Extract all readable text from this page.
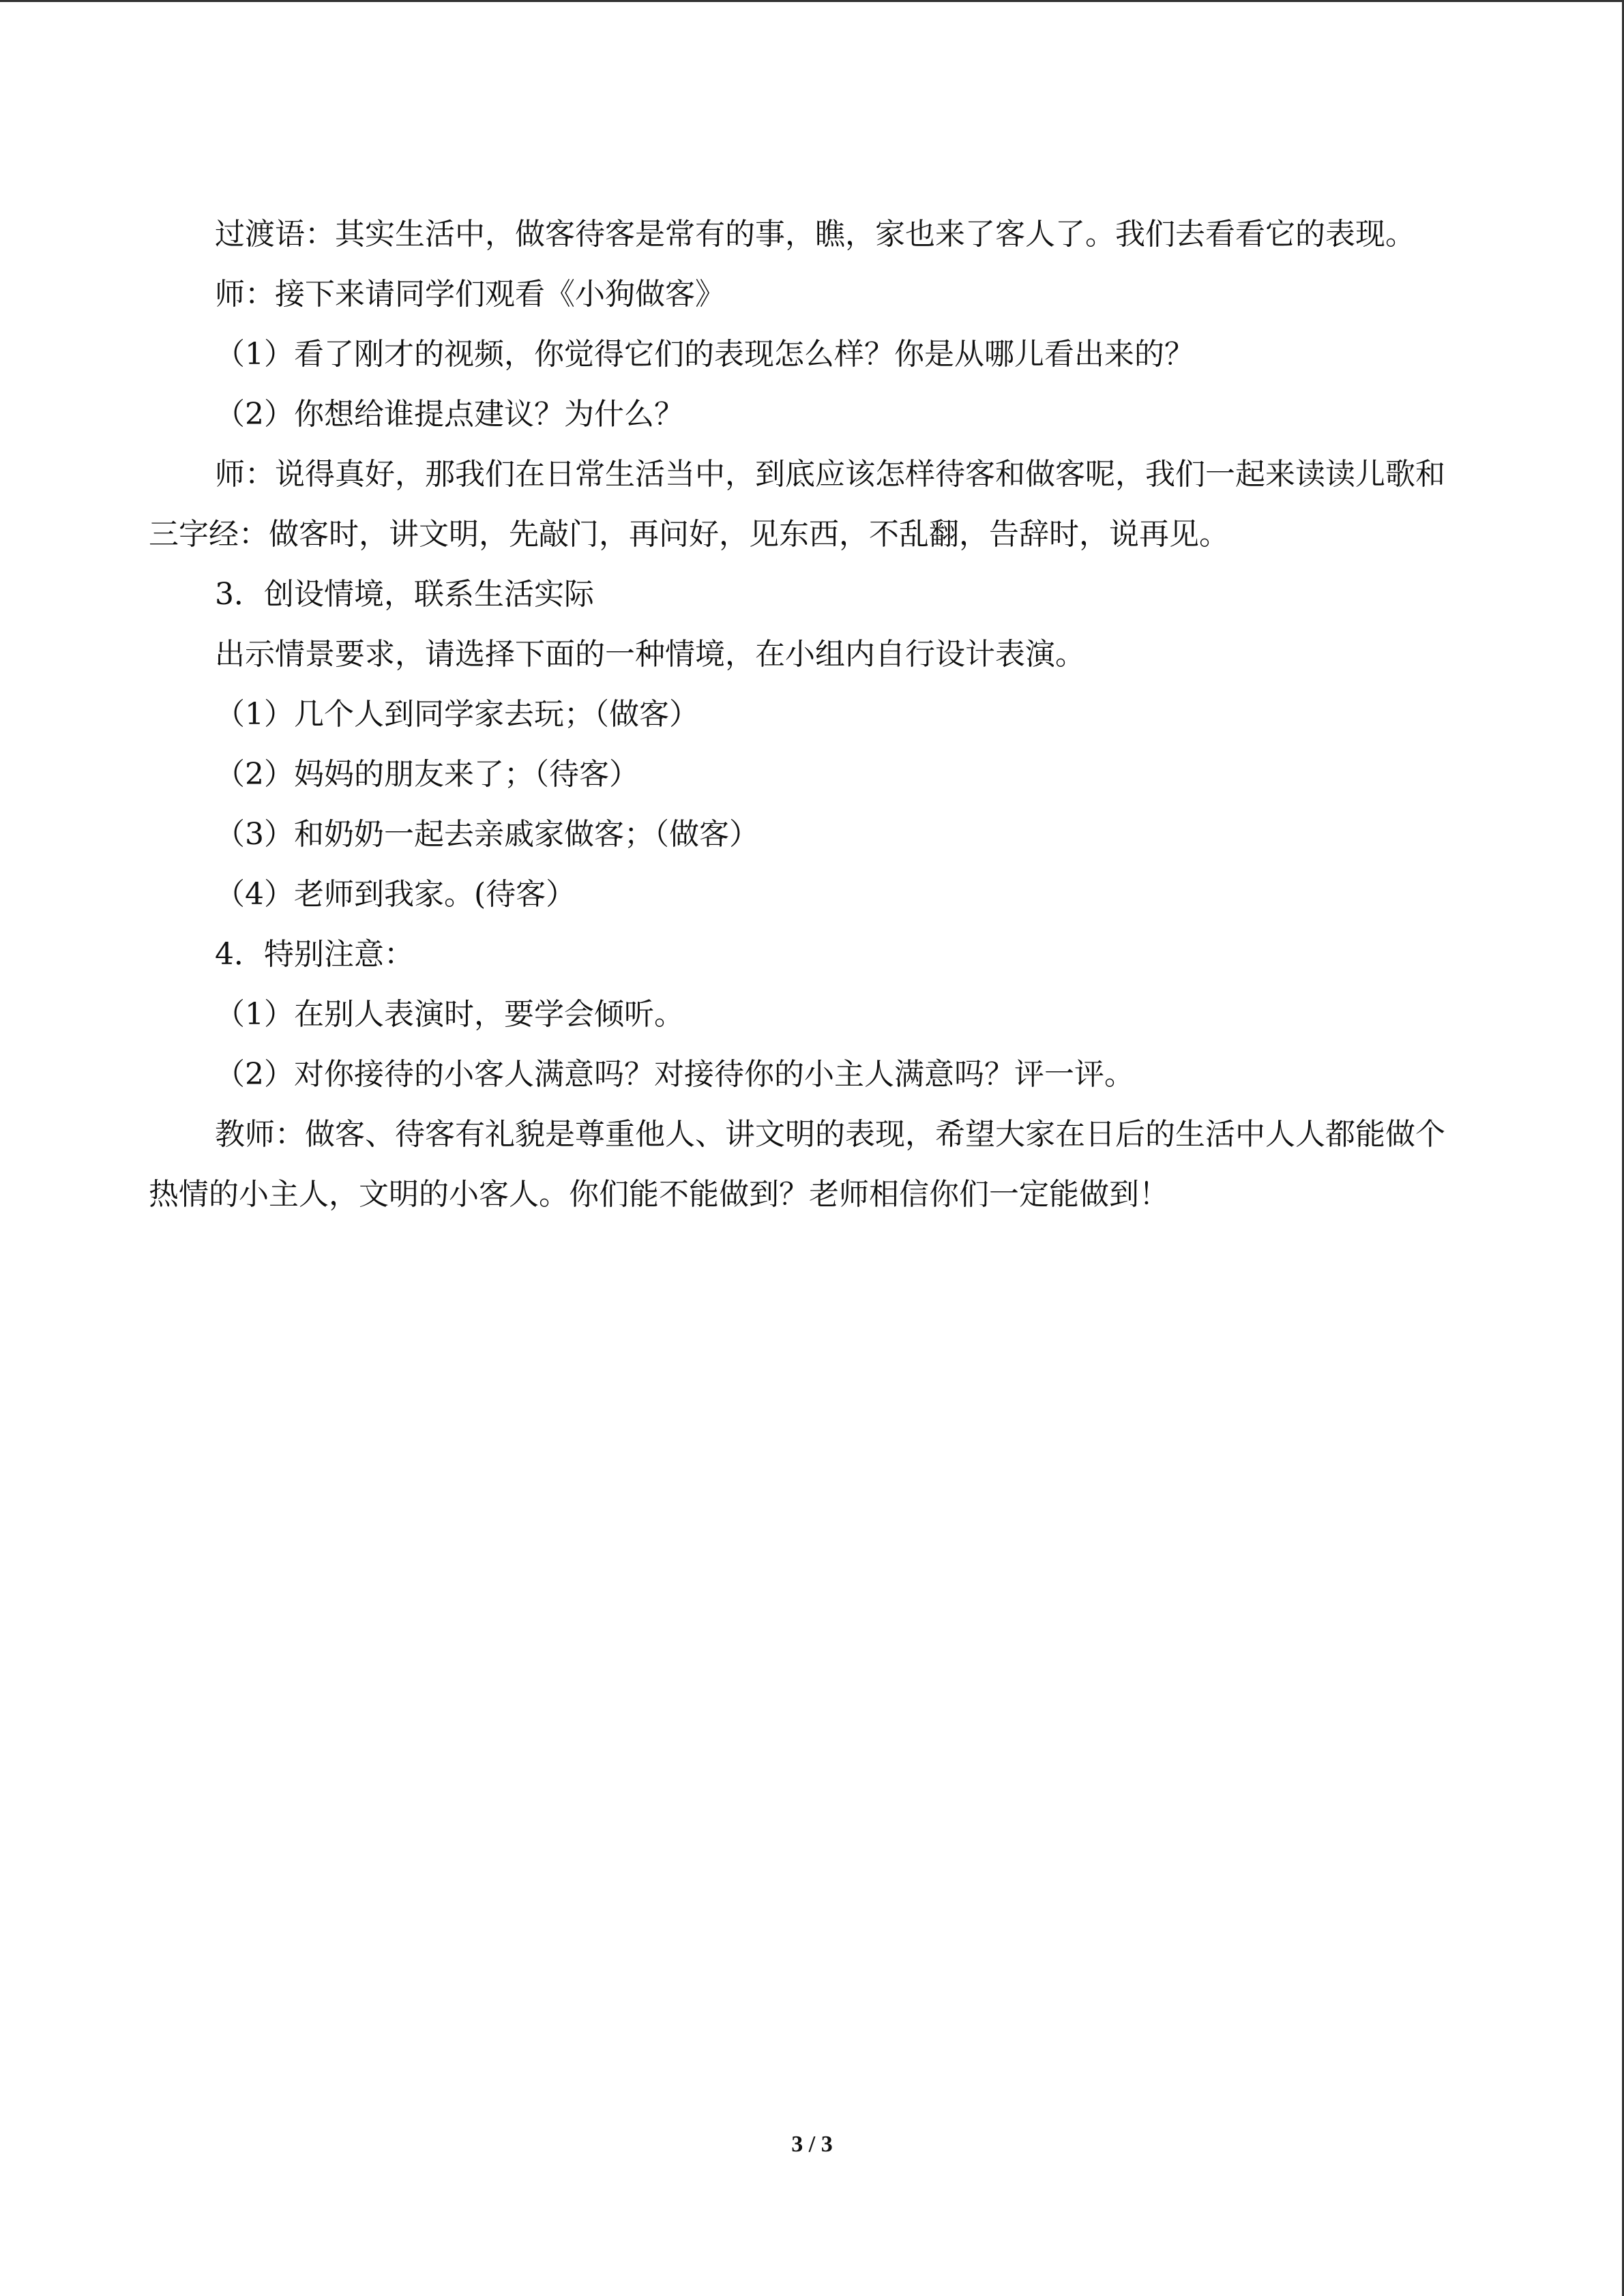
过渡语：其实生活中，做客待客是常有的事，瞧，家也来了客人了。我们去看看它的表现。

师：接下来请同学们观看《小狗做客》

（1）看了刚才的视频，你觉得它们的表现怎么样？你是从哪儿看出来的？

（2）你想给谁提点建议？为什么？

师：说得真好，那我们在日常生活当中，到底应该怎样待客和做客呢，我们一起来读读儿歌和三字经：做客时，讲文明，先敲门，再问好，见东西，不乱翻，告辞时，说再见。

3．创设情境，联系生活实际

出示情景要求，请选择下面的一种情境，在小组内自行设计表演。

（1）几个人到同学家去玩；（做客）

（2）妈妈的朋友来了；（待客）

（3）和奶奶一起去亲戚家做客；（做客）

（4）老师到我家。(待客）

4．特别注意：

（1）在别人表演时，要学会倾听。

（2）对你接待的小客人满意吗？对接待你的小主人满意吗？评一评。

教师：做客、待客有礼貌是尊重他人、讲文明的表现，希望大家在日后的生活中人人都能做个热情的小主人，文明的小客人。你们能不能做到？老师相信你们一定能做到！

3 / 3
